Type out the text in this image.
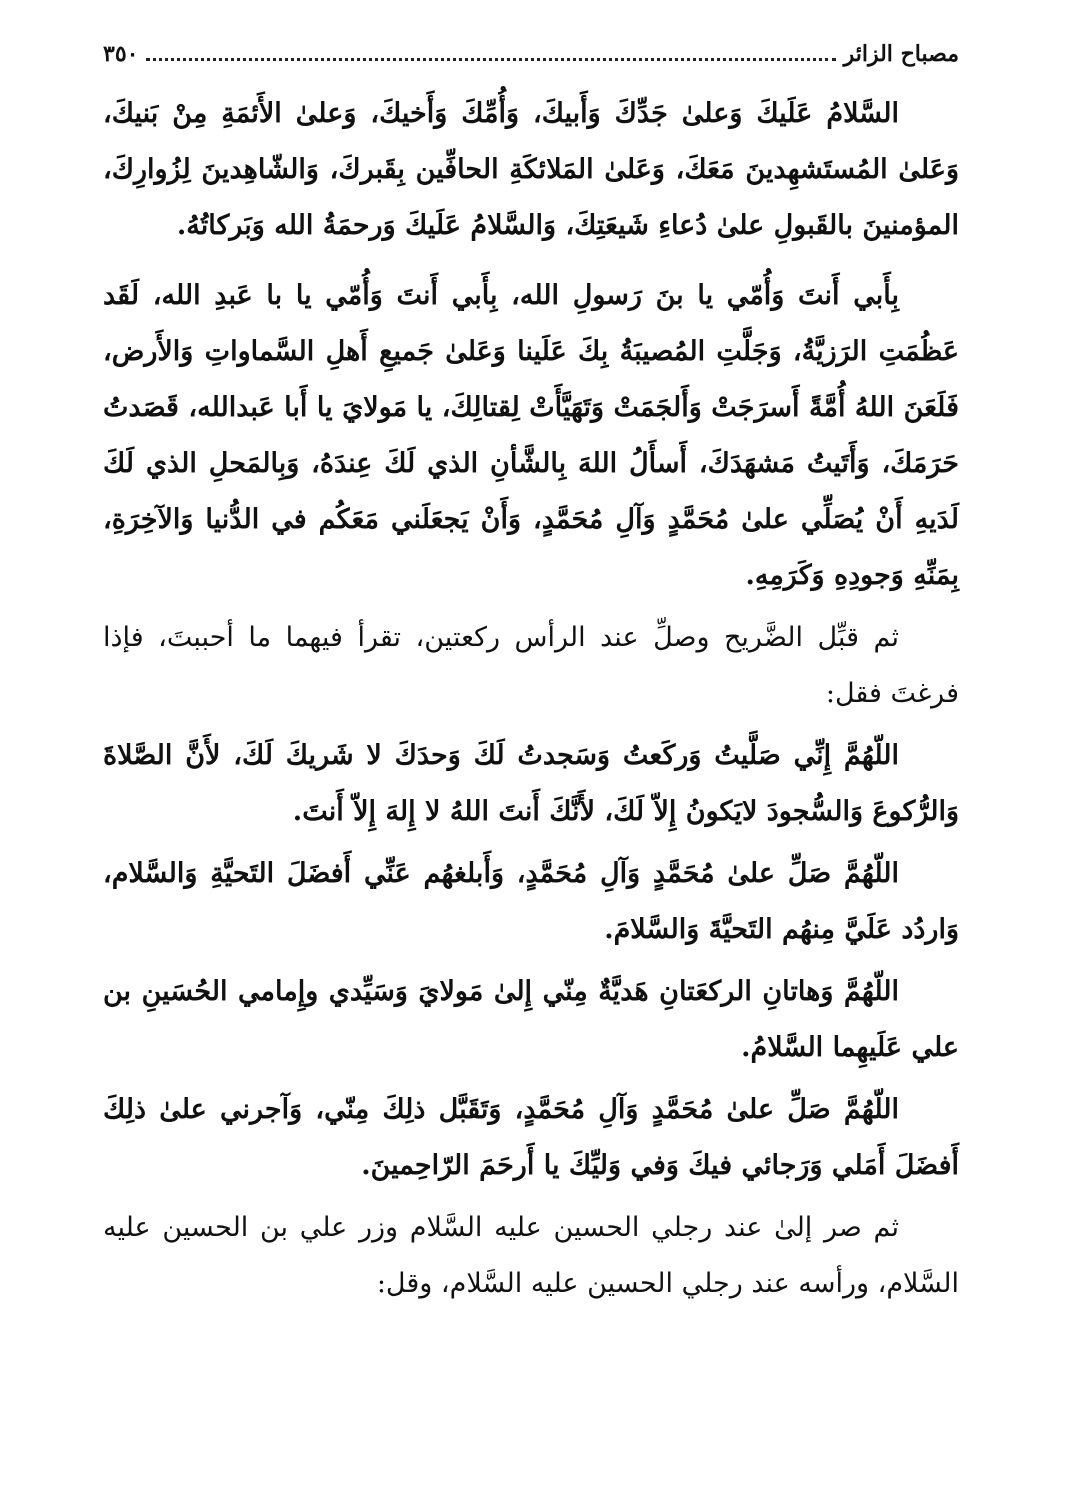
مصباح الزائر
٣٥٠

السَّلامُ عَلَيكَ وَعلىٰ جَدِّكَ وَأَبيكَ، وَأُمِّكَ وَأَخيكَ، وَعلىٰ الأَئمَةِ مِنْ بَنيكَ، وَعَلىٰ المُستَشهِدينَ مَعَكَ، وَعَلىٰ المَلائكَةِ الحافِّين بِقَبركَ، وَالشّاهِدينَ لِزُوارِكَ، المؤمنينَ بالقَبولِ علىٰ دُعاءِ شَيعَتِكَ، وَالسَّلامُ عَلَيكَ وَرحمَةُ الله وَبَركاتُهُ.

بِأَبي أَنتَ وَأُمّي يا بنَ رَسولِ الله، بِأَبي أَنتَ وَأُمّي يا با عَبدِ الله، لَقَد عَظُمَتِ الرَزيَّةُ، وَجَلَّتِ المُصيبَةُ بِكَ عَلَينا وَعَلىٰ جَميعِ أَهلِ السَّماواتِ وَالأَرض، فَلَعَنَ اللهُ أُمَّةً أَسرَجَتْ وَأَلجَمَتْ وَتَهَيَّأَتْ لِقتالِكَ، يا مَولايَ يا أَبا عَبدالله، قَصَدتُ حَرَمَكَ، وَأَتَيتُ مَشهَدَكَ، أَسأَلُ اللهَ بِالشَّأنِ الذي لَكَ عِندَهُ، وَبِالمَحلِ الذي لَكَ لَدَيهِ أَنْ يُصَلِّي علىٰ مُحَمَّدٍ وَآلِ مُحَمَّدٍ، وَأَنْ يَجعَلَني مَعَكُم في الدُّنيا وَالآخِرَةِ، بِمَنِّهِ وَجودِهِ وَكَرَمِهِ.

ثم قبِّل الضَّريح وصلِّ عند الرأس ركعتين، تقرأ فيهما ما أحببتَ، فإذا فرغتَ فقل:

اللّهُمَّ إِنِّي صَلَّيتُ وَركَعتُ وَسَجدتُ لَكَ وَحدَكَ لا شَريكَ لَكَ، لأَنَّ الصَّلاةَ وَالرُّكوعَ وَالسُّجودَ لايَكونُ إِلاّ لَكَ، لأَنَّكَ أَنتَ اللهُ لا إِلهَ إِلاّ أَنتَ.

اللّهُمَّ صَلِّ علىٰ مُحَمَّدٍ وَآلِ مُحَمَّدٍ، وَأَبلغهُم عَنِّي أَفضَلَ التَحيَّةِ وَالسَّلام، وَاردُد عَلَيَّ مِنهُم التَحيَّةَ وَالسَّلامَ.

اللّهُمَّ وَهاتانِ الركعَتانِ هَديَّةٌ مِنّي إِلىٰ مَولايَ وَسَيِّدي وإِمامي الحُسَينِ بن علي عَلَيهِما السَّلامُ.

اللّهُمَّ صَلِّ علىٰ مُحَمَّدٍ وَآلِ مُحَمَّدٍ، وَتَقَبَّل ذلِكَ مِنّي، وَآجرني علىٰ ذلِكَ أَفضَلَ أَمَلي وَرَجائي فيكَ وَفي وَليِّكَ يا أَرحَمَ الرّاحِمينَ.

ثم صر إلىٰ عند رجلي الحسين عليه السَّلام وزر علي بن الحسين عليه السَّلام، ورأسه عند رجلي الحسين عليه السَّلام، وقل:
